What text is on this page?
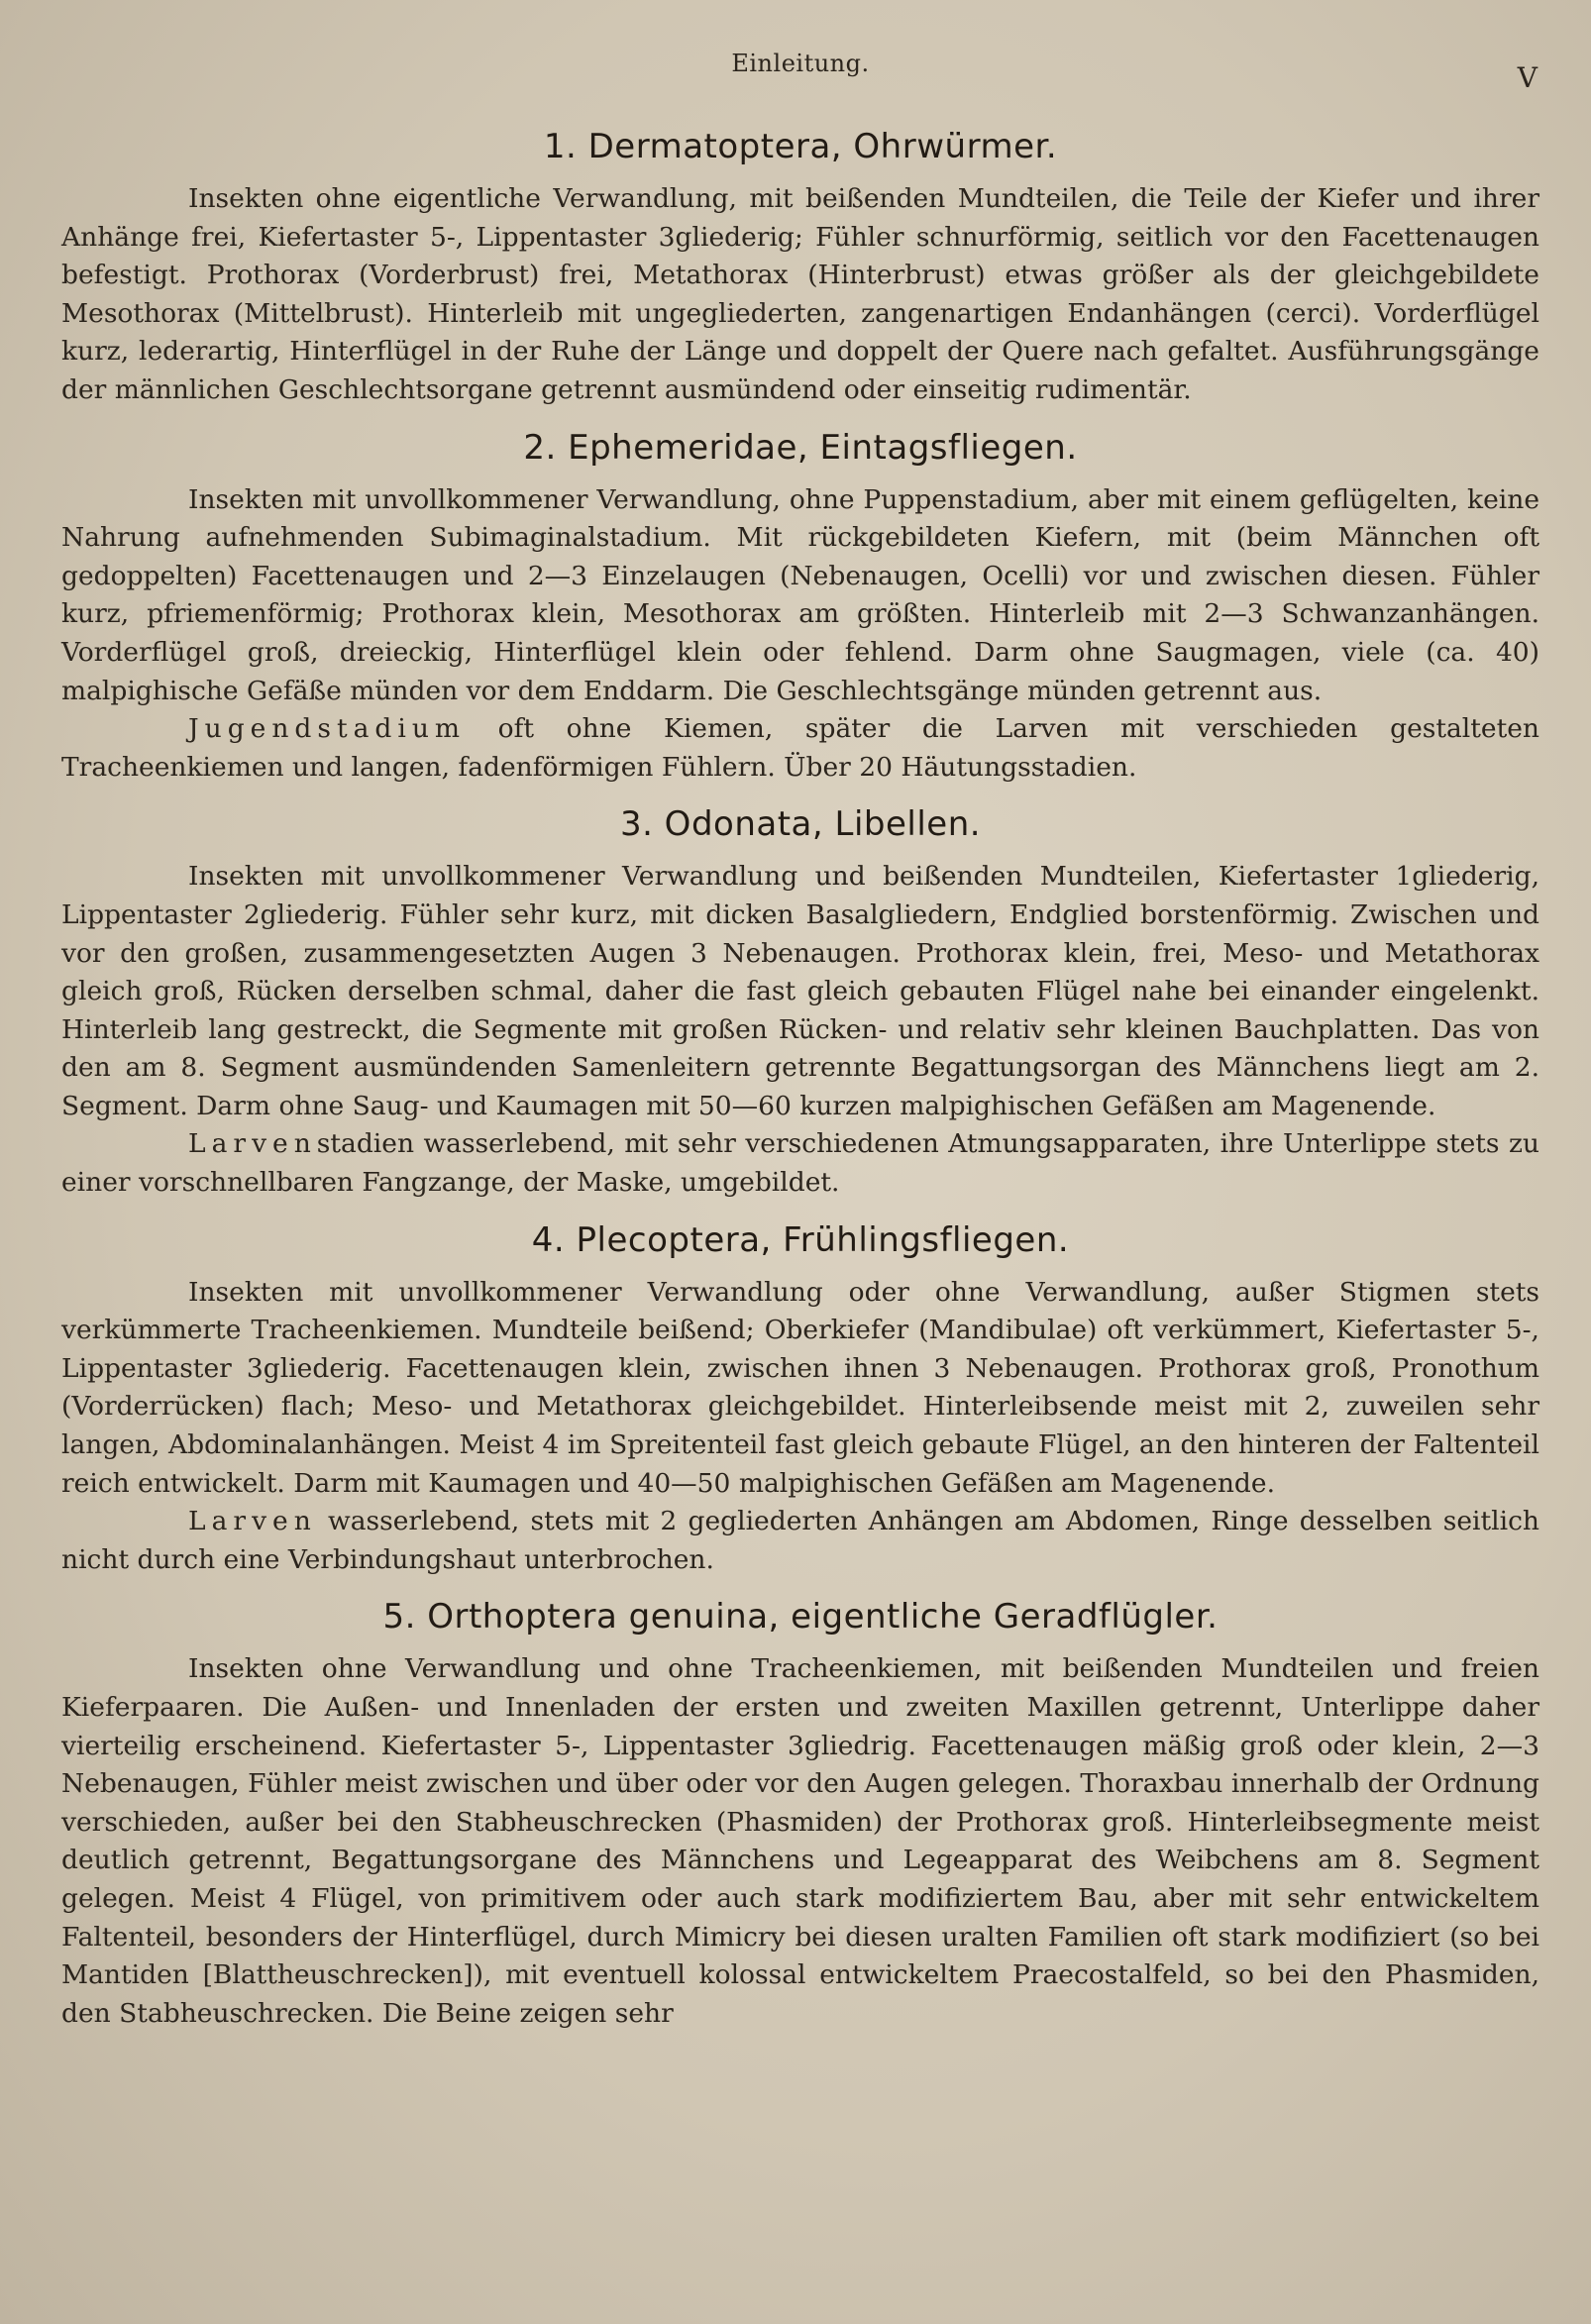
Einleitung.	V
1. Dermatoptera, Ohrwürmer.

Insekten ohne eigentliche Verwandlung, mit beißenden Mundteilen, die Teile der Kiefer und ihrer Anhänge frei, Kiefertaster 5-, Lippentaster 3gliederig; Fühler schnurförmig, seitlich vor den Facettenaugen befestigt. Prothorax (Vorderbrust) frei, Metathorax (Hinterbrust) etwas größer als der gleichgebildete Mesothorax (Mittelbrust). Hinterleib mit ungegliederten, zangenartigen Endanhängen (cerci). Vorderflügel kurz, lederartig, Hinterflügel in der Ruhe der Länge und doppelt der Quere nach gefaltet. Ausführungsgänge der männlichen Geschlechtsorgane getrennt ausmündend oder einseitig rudimentär.

2. Ephemeridae, Eintagsfliegen.

Insekten mit unvollkommener Verwandlung, ohne Puppenstadium, aber mit einem geflügelten, keine Nahrung aufnehmenden Subimaginalstadium. Mit rückgebildeten Kiefern, mit (beim Männchen oft gedoppelten) Facettenaugen und 2—3 Einzelaugen (Nebenaugen, Ocelli) vor und zwischen diesen. Fühler kurz, pfriemenförmig; Prothorax klein, Mesothorax am größten. Hinterleib mit 2—3 Schwanzanhängen. Vorderflügel groß, dreieckig, Hinterflügel klein oder fehlend. Darm ohne Saugmagen, viele (ca. 40) malpighische Gefäße münden vor dem Enddarm. Die Geschlechtsgänge münden getrennt aus.

Jugendstadium oft ohne Kiemen, später die Larven mit verschieden gestalteten Tracheenkiemen und langen, fadenförmigen Fühlern. Über 20 Häutungsstadien.

3. Odonata, Libellen.

Insekten mit unvollkommener Verwandlung und beißenden Mundteilen, Kiefertaster 1gliederig, Lippentaster 2gliederig. Fühler sehr kurz, mit dicken Basalgliedern, Endglied borstenförmig. Zwischen und vor den großen, zusammengesetzten Augen 3 Nebenaugen. Prothorax klein, frei, Meso- und Metathorax gleich groß, Rücken derselben schmal, daher die fast gleich gebauten Flügel nahe bei einander eingelenkt. Hinterleib lang gestreckt, die Segmente mit großen Rücken- und relativ sehr kleinen Bauchplatten. Das von den am 8. Segment ausmündenden Samenleitern getrennte Begattungsorgan des Männchens liegt am 2. Segment. Darm ohne Saug- und Kaumagen mit 50—60 kurzen malpighischen Gefäßen am Magenende.

Larvenstadien wasserlebend, mit sehr verschiedenen Atmungsapparaten, ihre Unterlippe stets zu einer vorschnellbaren Fangzange, der Maske, umgebildet.

4. Plecoptera, Frühlingsfliegen.

Insekten mit unvollkommener Verwandlung oder ohne Verwandlung, außer Stigmen stets verkümmerte Tracheenkiemen. Mundteile beißend; Oberkiefer (Mandibulae) oft verkümmert, Kiefertaster 5-, Lippentaster 3gliederig. Facettenaugen klein, zwischen ihnen 3 Nebenaugen. Prothorax groß, Pronothum (Vorderrücken) flach; Meso- und Metathorax gleichgebildet. Hinterleibsende meist mit 2, zuweilen sehr langen, Abdominalanhängen. Meist 4 im Spreitenteil fast gleich gebaute Flügel, an den hinteren der Faltenteil reich entwickelt. Darm mit Kaumagen und 40—50 malpighischen Gefäßen am Magenende.

Larven wasserlebend, stets mit 2 gegliederten Anhängen am Abdomen, Ringe desselben seitlich nicht durch eine Verbindungshaut unterbrochen.

5. Orthoptera genuina, eigentliche Geradflügler.

Insekten ohne Verwandlung und ohne Tracheenkiemen, mit beißenden Mundteilen und freien Kieferpaaren. Die Außen- und Innenladen der ersten und zweiten Maxillen getrennt, Unterlippe daher vierteilig erscheinend. Kiefertaster 5-, Lippentaster 3gliedrig. Facettenaugen mäßig groß oder klein, 2—3 Nebenaugen, Fühler meist zwischen und über oder vor den Augen gelegen. Thoraxbau innerhalb der Ordnung verschieden, außer bei den Stabheuschrecken (Phasmiden) der Prothorax groß. Hinterleibsegmente meist deutlich getrennt, Begattungsorgane des Männchens und Legeapparat des Weibchens am 8. Segment gelegen. Meist 4 Flügel, von primitivem oder auch stark modifiziertem Bau, aber mit sehr entwickeltem Faltenteil, besonders der Hinterflügel, durch Mimicry bei diesen uralten Familien oft stark modifiziert (so bei Mantiden [Blattheuschrecken]), mit eventuell kolossal entwickeltem Praecostalfeld, so bei den Phasmiden, den Stabheuschrecken. Die Beine zeigen sehr
